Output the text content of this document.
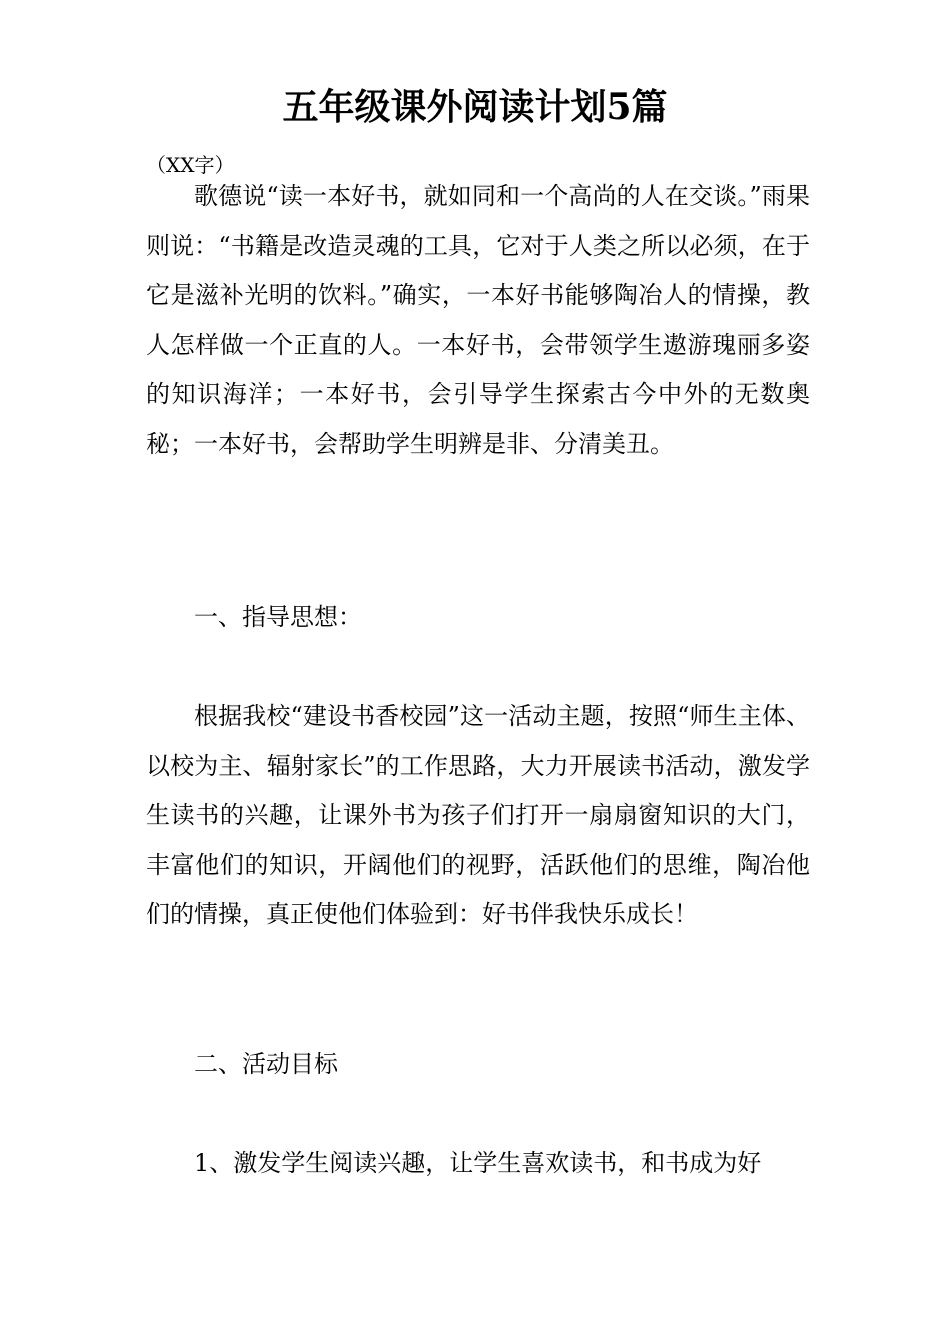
五年级课外阅读计划5篇

（XX字）

歌德说“读一本好书，就如同和一个高尚的人在交谈。”雨果则说：“书籍是改造灵魂的工具，它对于人类之所以必须，在于它是滋补光明的饮料。”确实，一本好书能够陶冶人的情操，教人怎样做一个正直的人。一本好书，会带领学生遨游瑰丽多姿的知识海洋；一本好书，会引导学生探索古今中外的无数奥秘；一本好书，会帮助学生明辨是非、分清美丑。

一、指导思想：

根据我校“建设书香校园”这一活动主题，按照“师生主体、以校为主、辐射家长”的工作思路，大力开展读书活动，激发学生读书的兴趣，让课外书为孩子们打开一扇扇窗知识的大门，丰富他们的知识，开阔他们的视野，活跃他们的思维，陶冶他们的情操，真正使他们体验到：好书伴我快乐成长！

二、活动目标

1、激发学生阅读兴趣，让学生喜欢读书，和书成为好
